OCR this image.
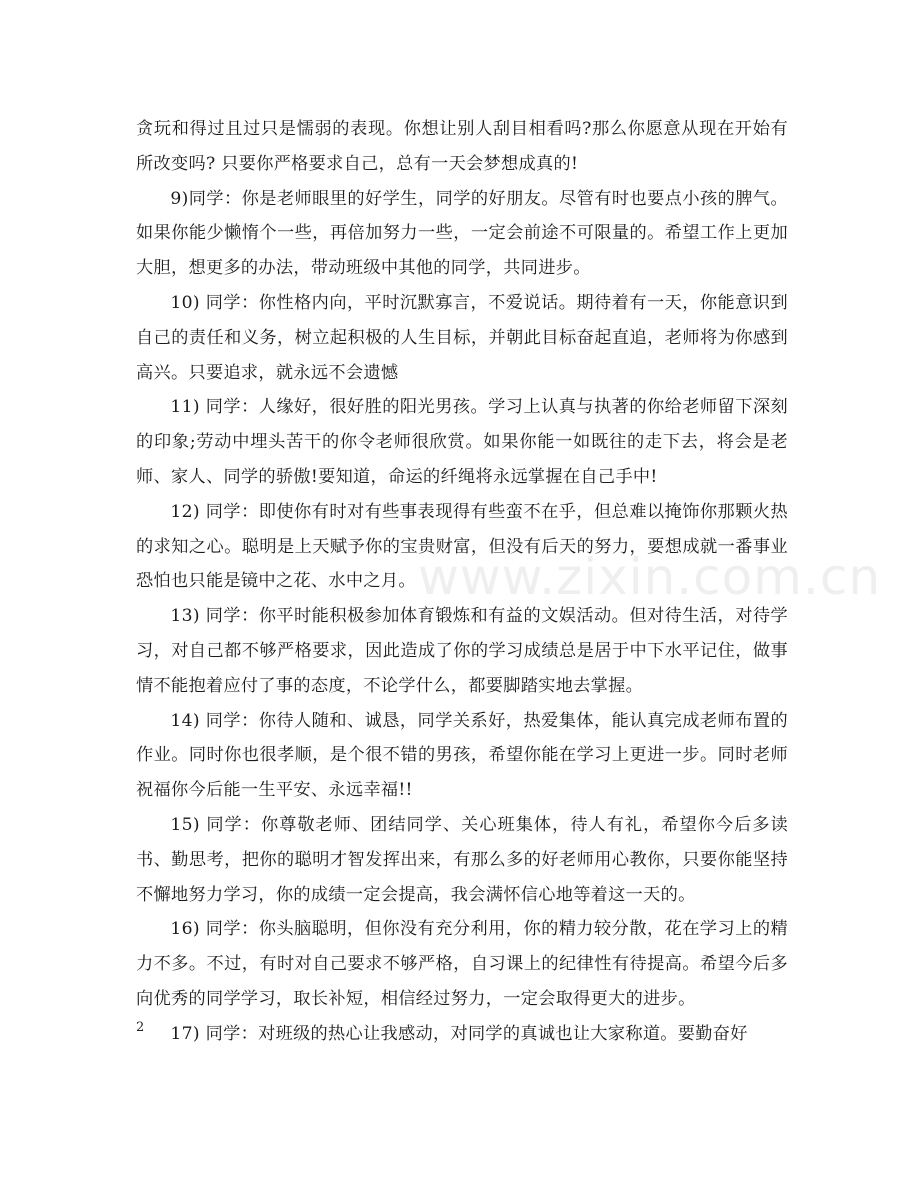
贪玩和得过且过只是懦弱的表现。你想让别人刮目相看吗?那么你愿意从现在开始有所改变吗? 只要你严格要求自己，总有一天会梦想成真的!

9)同学：你是老师眼里的好学生，同学的好朋友。尽管有时也要点小孩的脾气。如果你能少懒惰个一些，再倍加努力一些，一定会前途不可限量的。希望工作上更加大胆，想更多的办法，带动班级中其他的同学，共同进步。

10) 同学：你性格内向，平时沉默寡言，不爱说话。期待着有一天，你能意识到自己的责任和义务，树立起积极的人生目标，并朝此目标奋起直追，老师将为你感到高兴。只要追求，就永远不会遗憾

11) 同学：人缘好，很好胜的阳光男孩。学习上认真与执著的你给老师留下深刻的印象;劳动中埋头苦干的你令老师很欣赏。如果你能一如既往的走下去，将会是老师、家人、同学的骄傲!要知道，命运的纤绳将永远掌握在自己手中!

12) 同学：即使你有时对有些事表现得有些蛮不在乎，但总难以掩饰你那颗火热的求知之心。聪明是上天赋予你的宝贵财富，但没有后天的努力，要想成就一番事业恐怕也只能是镜中之花、水中之月。

13) 同学：你平时能积极参加体育锻炼和有益的文娱活动。但对待生活，对待学习，对自己都不够严格要求，因此造成了你的学习成绩总是居于中下水平记住，做事情不能抱着应付了事的态度，不论学什么，都要脚踏实地去掌握。

14) 同学：你待人随和、诚恳，同学关系好，热爱集体，能认真完成老师布置的作业。同时你也很孝顺，是个很不错的男孩，希望你能在学习上更进一步。同时老师祝福你今后能一生平安、永远幸福!!

15) 同学：你尊敬老师、团结同学、关心班集体，待人有礼，希望你今后多读书、勤思考，把你的聪明才智发挥出来，有那么多的好老师用心教你，只要你能坚持不懈地努力学习，你的成绩一定会提高，我会满怀信心地等着这一天的。

16) 同学：你头脑聪明，但你没有充分利用，你的精力较分散，花在学习上的精力不多。不过，有时对自己要求不够严格，自习课上的纪律性有待提高。希望今后多向优秀的同学学习，取长补短，相信经过努力，一定会取得更大的进步。

17) 同学：对班级的热心让我感动，对同学的真诚也让大家称道。要勤奋好

www.zixin.com.cn
2
